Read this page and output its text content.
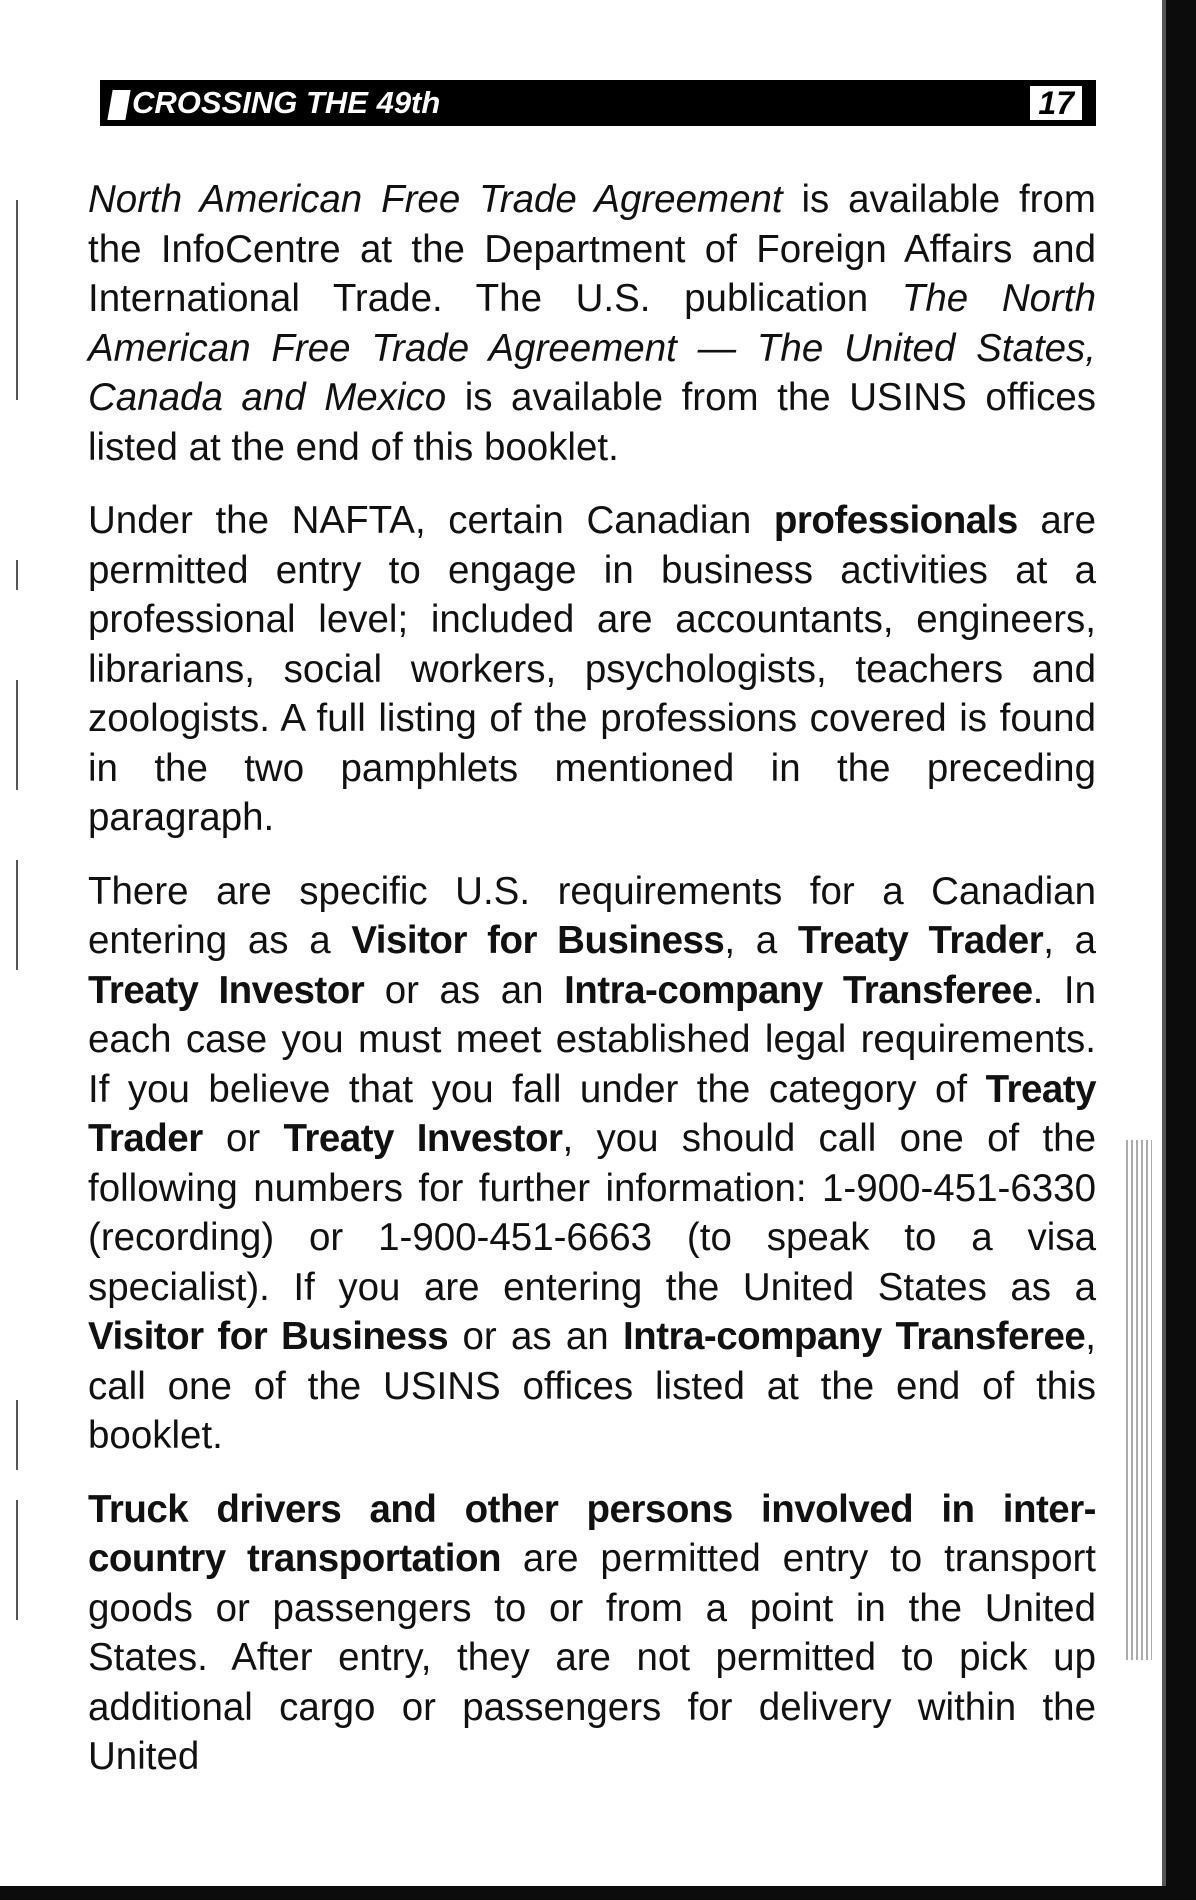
CROSSING THE 49th	17

North American Free Trade Agreement is available from the InfoCentre at the Department of Foreign Affairs and International Trade. The U.S. publication The North American Free Trade Agreement — The United States, Canada and Mexico is available from the USINS offices listed at the end of this booklet.

Under the NAFTA, certain Canadian professionals are permitted entry to engage in business activities at a professional level; included are accountants, engineers, librarians, social workers, psychologists, teachers and zoologists. A full listing of the professions covered is found in the two pamphlets mentioned in the preceding paragraph.

There are specific U.S. requirements for a Canadian entering as a Visitor for Business, a Treaty Trader, a Treaty Investor or as an Intra-company Transferee. In each case you must meet established legal requirements. If you believe that you fall under the category of Treaty Trader or Treaty Investor, you should call one of the following numbers for further information: 1-900-451-6330 (recording) or 1-900-451-6663 (to speak to a visa specialist). If you are entering the United States as a Visitor for Business or as an Intra-company Transferee, call one of the USINS offices listed at the end of this booklet.

Truck drivers and other persons involved in inter-country transportation are permitted entry to transport goods or passengers to or from a point in the United States. After entry, they are not permitted to pick up additional cargo or passengers for delivery within the United
